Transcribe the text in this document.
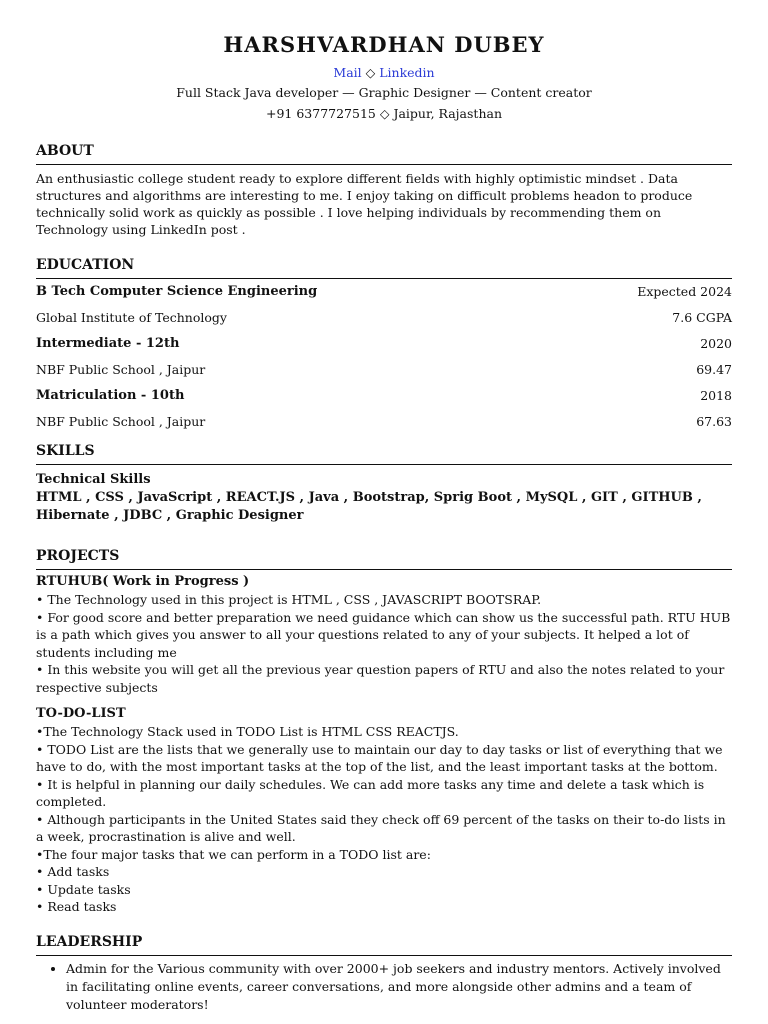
HARSHVARDHAN DUBEY
Mail ◇ Linkedin
Full Stack Java developer — Graphic Designer — Content creator
+91 6377727515 ◇ Jaipur, Rajasthan
ABOUT
An enthusiastic college student ready to explore different fields with highly optimistic mindset . Data structures and algorithms are interesting to me. I enjoy taking on difficult problems headon to produce technically solid work as quickly as possible . I love helping individuals by recommending them on Technology using LinkedIn post .
EDUCATION
B Tech Computer Science Engineering	Expected 2024
Global Institute of Technology	7.6 CGPA
Intermediate - 12th	2020
NBF Public School , Jaipur	69.47
Matriculation - 10th	2018
NBF Public School , Jaipur	67.63
SKILLS
Technical Skills
HTML , CSS , JavaScript , REACT.JS , Java , Bootstrap, Sprig Boot , MySQL , GIT , GITHUB , Hibernate , JDBC , Graphic Designer
PROJECTS
RTUHUB( Work in Progress )
• The Technology used in this project is HTML , CSS , JAVASCRIPT BOOTSRAP.
• For good score and better preparation we need guidance which can show us the successful path. RTU HUB is a path which gives you answer to all your questions related to any of your subjects. It helped a lot of students including me
• In this website you will get all the previous year question papers of RTU and also the notes related to your respective subjects
TO-DO-LIST
•The Technology Stack used in TODO List is HTML CSS REACTJS.
• TODO List are the lists that we generally use to maintain our day to day tasks or list of everything that we have to do, with the most important tasks at the top of the list, and the least important tasks at the bottom.
• It is helpful in planning our daily schedules. We can add more tasks any time and delete a task which is completed.
• Although participants in the United States said they check off 69 percent of the tasks on their to-do lists in a week, procrastination is alive and well.
•The four major tasks that we can perform in a TODO list are:
• Add tasks
• Update tasks
• Read tasks
LEADERSHIP
• Admin for the Various community with over 2000+ job seekers and industry mentors. Actively involved in facilitating online events, career conversations, and more alongside other admins and a team of volunteer moderators!
